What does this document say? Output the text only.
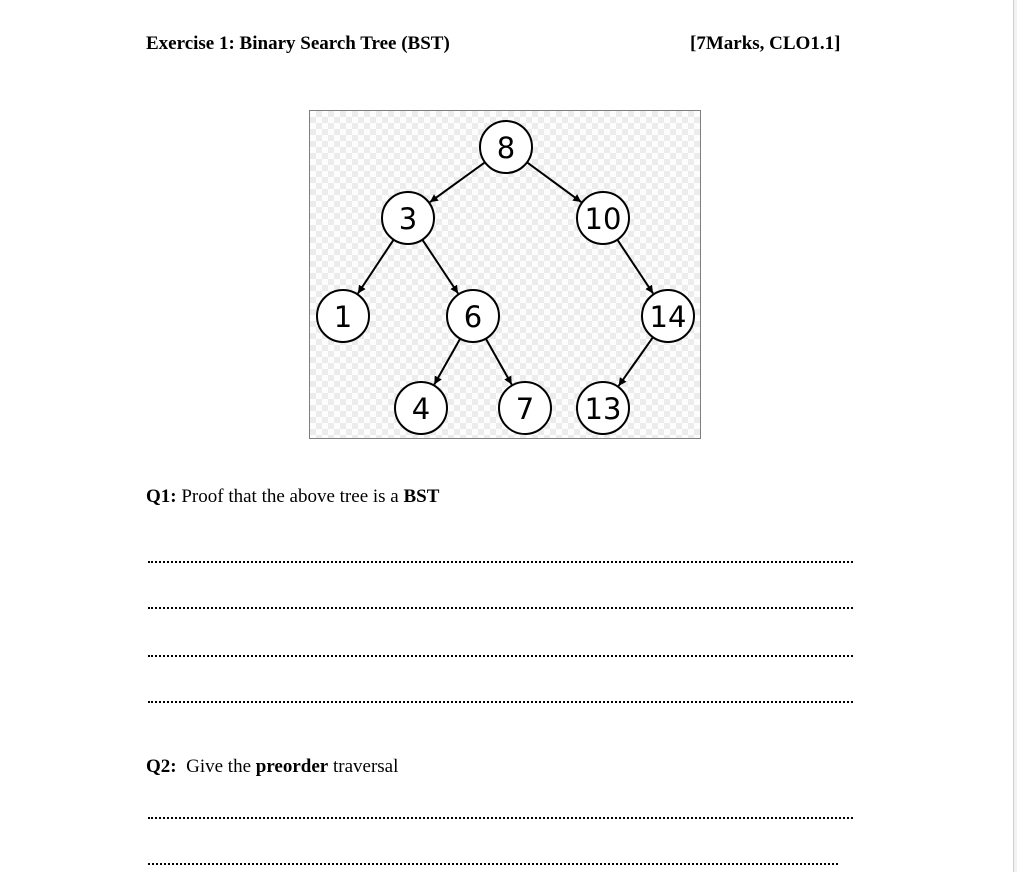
Exercise 1: Binary Search Tree (BST)	[7Marks, CLO1.1]
8
3	10
1	6	14
4	7 13
Q1: Proof that the above tree is a BST
Q2:  Give the preorder traversal
